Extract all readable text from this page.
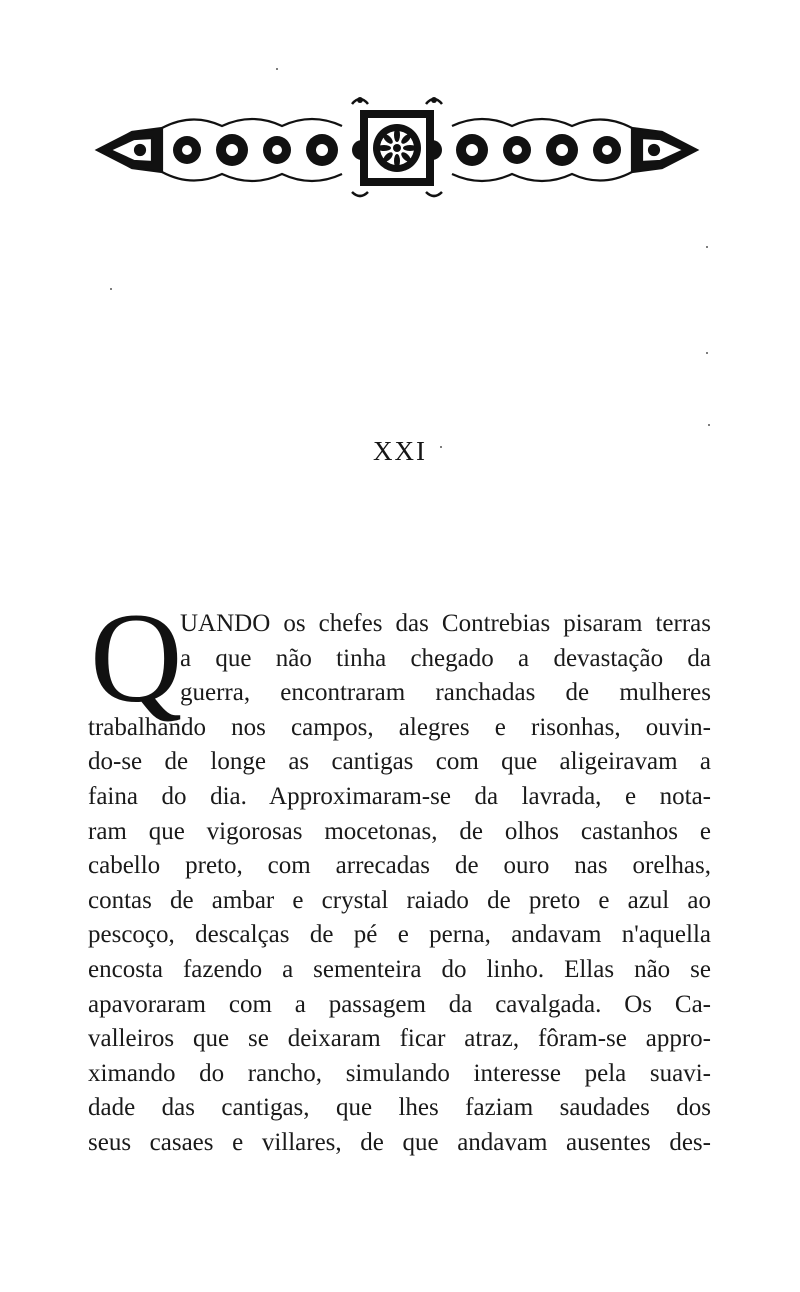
XXI
Q
UANDO os chefes das Contrebias pisaram terras
a que não tinha chegado a devastação da
guerra, encontraram ranchadas de mulheres
trabalhando nos campos, alegres e risonhas, ouvin-
do-se de longe as cantigas com que aligeiravam a
faina do dia. Approximaram-se da lavrada, e nota-
ram que vigorosas mocetonas, de olhos castanhos e
cabello preto, com arrecadas de ouro nas orelhas,
contas de ambar e crystal raiado de preto e azul ao
pescoço, descalças de pé e perna, andavam n'aquella
encosta fazendo a sementeira do linho. Ellas não se
apavoraram com a passagem da cavalgada. Os Ca-
valleiros que se deixaram ficar atraz, fôram-se appro-
ximando do rancho, simulando interesse pela suavi-
dade das cantigas, que lhes faziam saudades dos
seus casaes e villares, de que andavam ausentes des-
